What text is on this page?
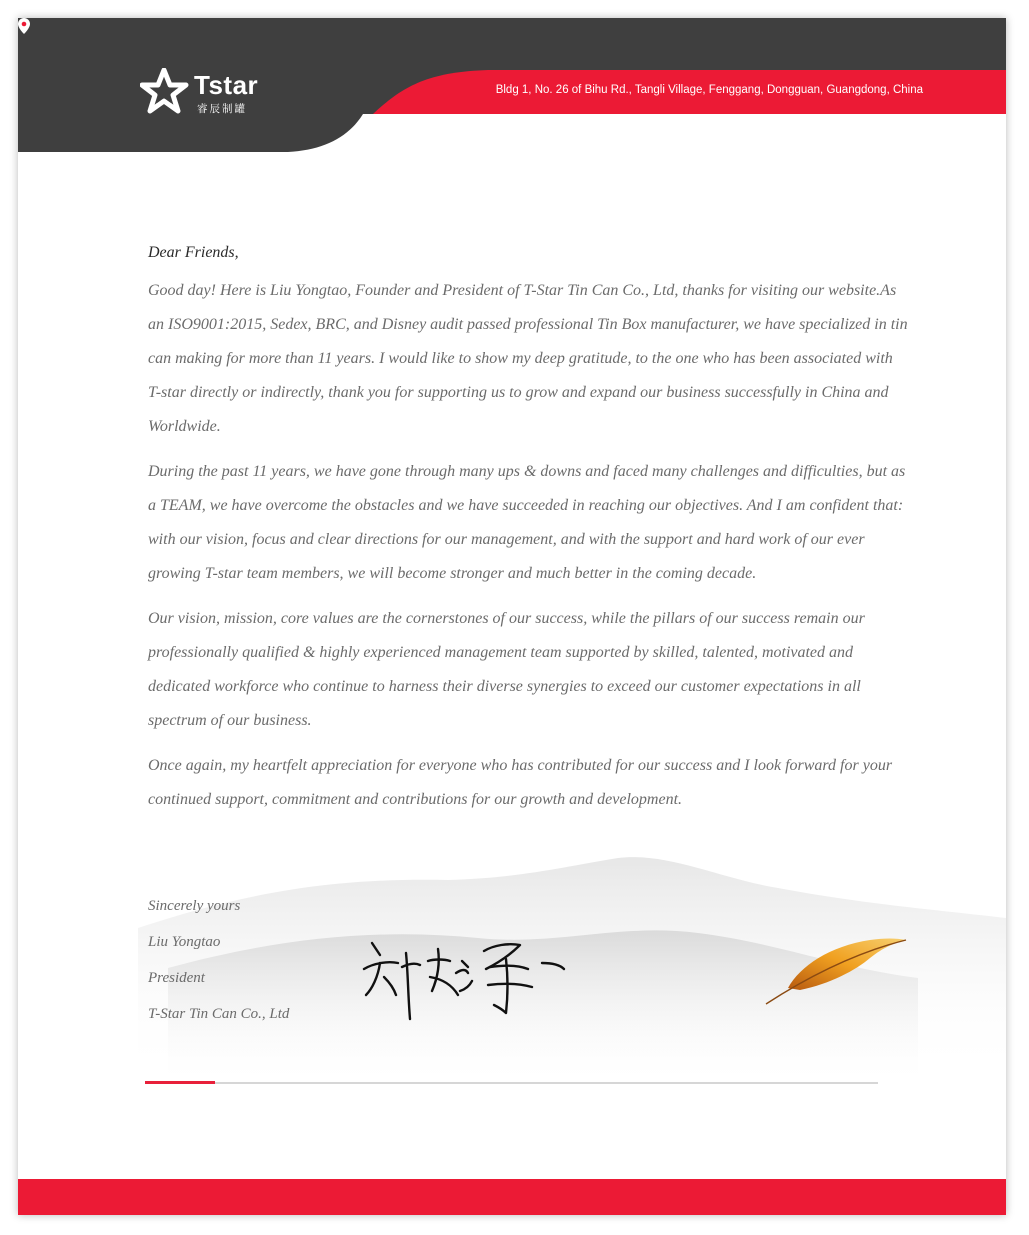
Tstar
睿辰制罐
Bldg 1, No. 26 of Bihu Rd., Tangli Village, Fenggang, Dongguan, Guangdong, China

Dear Friends,

Good day! Here is Liu Yongtao, Founder and President of T-Star Tin Can Co., Ltd, thanks for visiting our website.As an ISO9001:2015, Sedex, BRC, and Disney audit passed professional Tin Box manufacturer, we have specialized in tin can making for more than 11 years. I would like to show my deep gratitude, to the one who has been associated with T-star directly or indirectly, thank you for supporting us to grow and expand our business successfully in China and Worldwide.

During the past 11 years, we have gone through many ups & downs and faced many challenges and difficulties, but as a TEAM, we have overcome the obstacles and we have succeeded in reaching our objectives. And I am confident that: with our vision, focus and clear directions for our management, and with the support and hard work of our ever growing T-star team members, we will become stronger and much better in the coming decade.

Our vision, mission, core values are the cornerstones of our success, while the pillars of our success remain our professionally qualified & highly experienced management team supported by skilled, talented, motivated and dedicated workforce who continue to harness their diverse synergies to exceed our customer expectations in all spectrum of our business.

Once again, my heartfelt appreciation for everyone who has contributed for our success and I look forward for your continued support, commitment and contributions for our growth and development.

Sincerely yours
Liu Yongtao
President
T-Star Tin Can Co., Ltd
